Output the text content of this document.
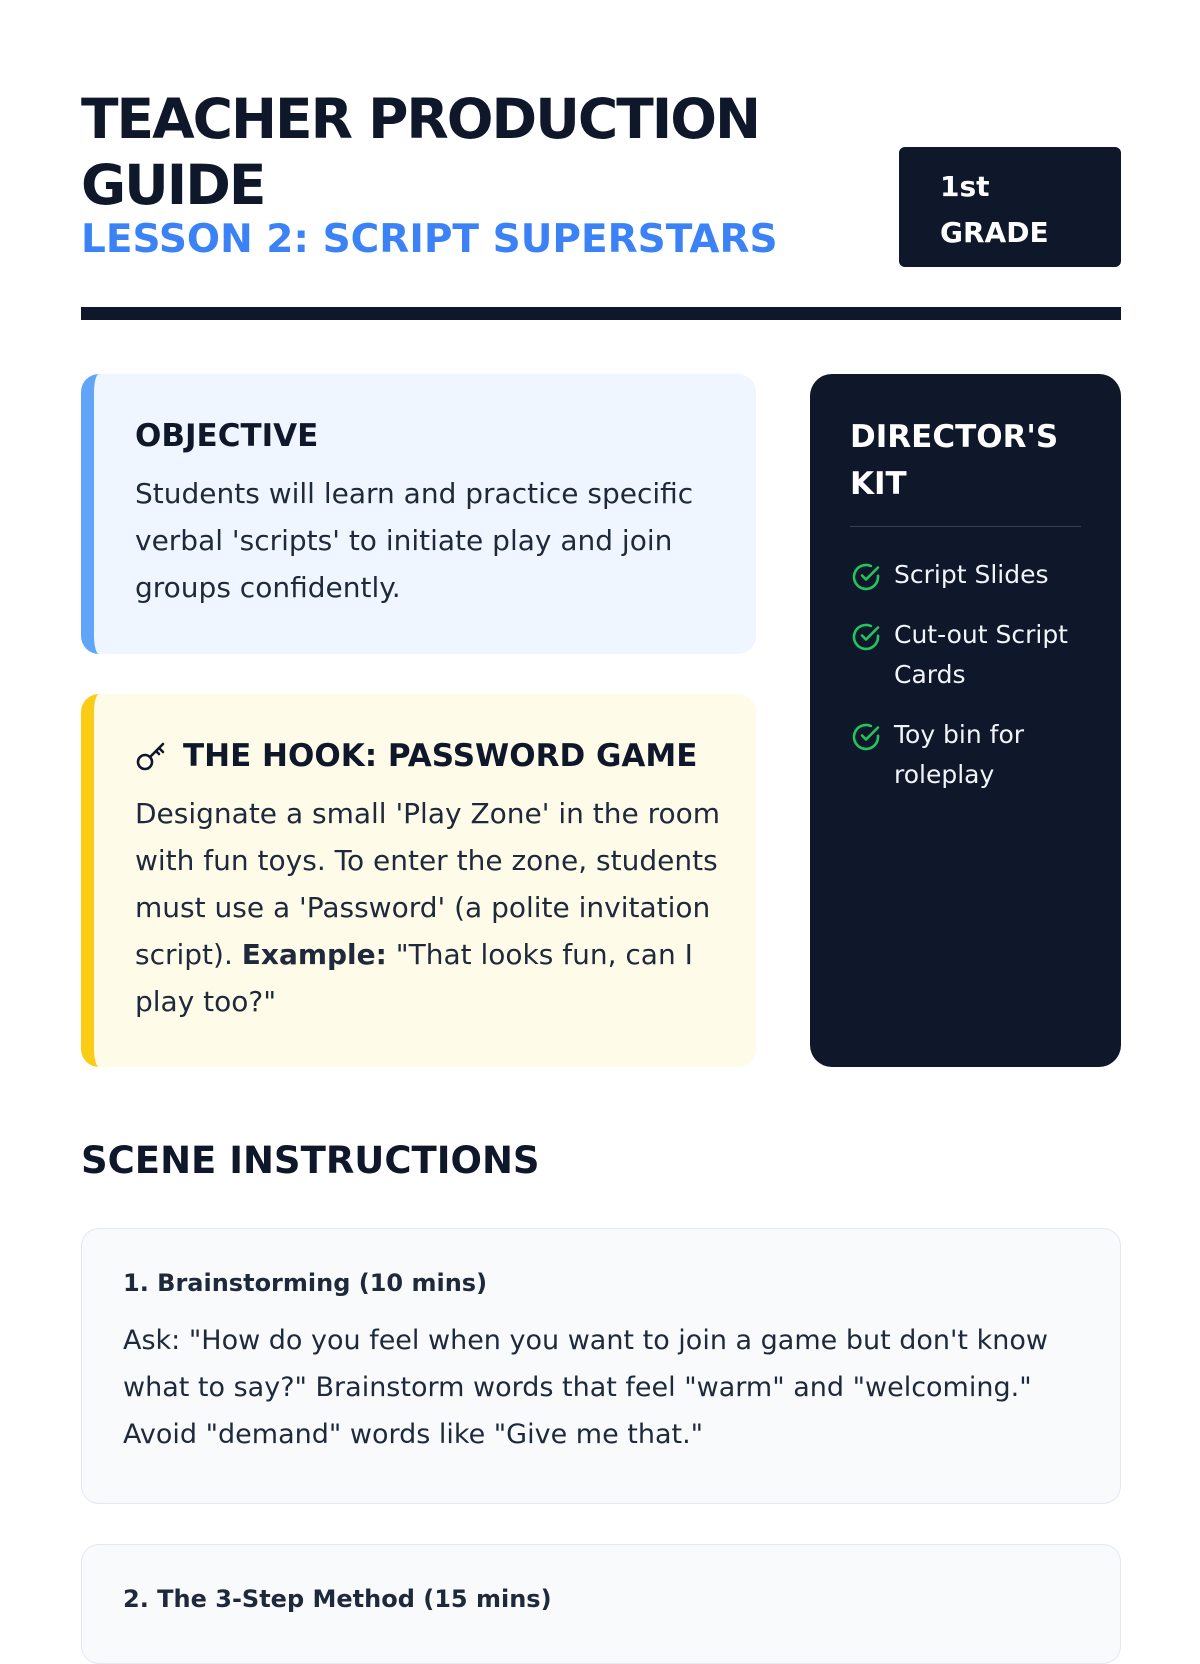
TEACHER PRODUCTION GUIDE
LESSON 2: SCRIPT SUPERSTARS
1st
GRADE
OBJECTIVE

Students will learn and practice specific verbal 'scripts' to initiate play and join groups confidently.

THE HOOK: PASSWORD GAME

Designate a small 'Play Zone' in the room with fun toys. To enter the zone, students must use a 'Password' (a polite invitation script). Example: "That looks fun, can I play too?"

DIRECTOR'S KIT
Script Slides
Cut-out Script Cards
Toy bin for roleplay
SCENE INSTRUCTIONS
1. Brainstorming (10 mins)

Ask: "How do you feel when you want to join a game but don't know what to say?" Brainstorm words that feel "warm" and "welcoming." Avoid "demand" words like "Give me that."

2. The 3-Step Method (15 mins)
